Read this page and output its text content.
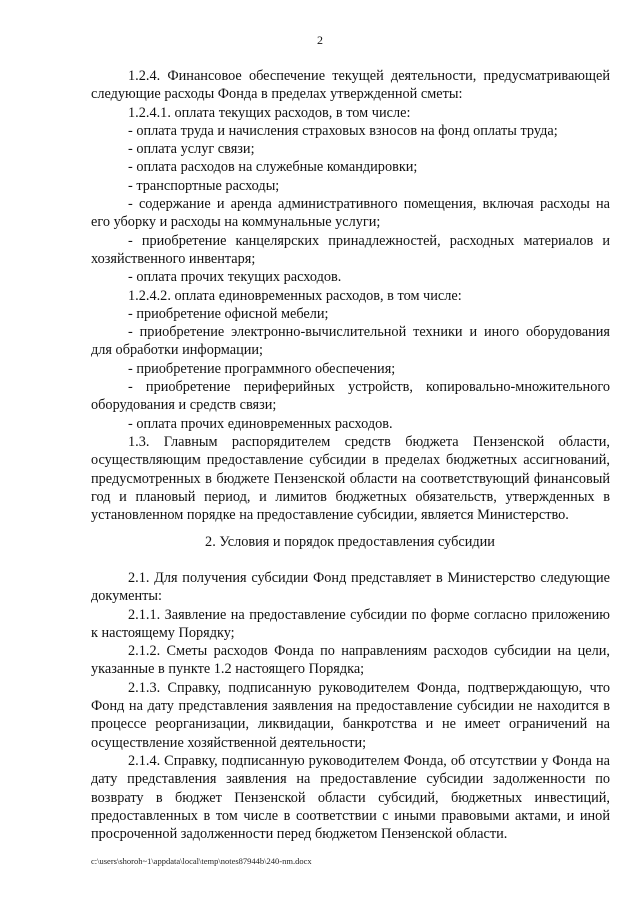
2

1.2.4. Финансовое обеспечение текущей деятельности, предусматривающей следующие расходы Фонда в пределах утвержденной сметы:

1.2.4.1. оплата текущих расходов, в том числе:

- оплата труда и начисления страховых взносов на фонд оплаты труда;

- оплата услуг связи;

- оплата расходов на служебные командировки;

- транспортные расходы;

- содержание и аренда административного помещения, включая расходы на его уборку и расходы на коммунальные услуги;

- приобретение канцелярских принадлежностей, расходных материалов и хозяйственного инвентаря;

- оплата прочих текущих расходов.

1.2.4.2. оплата единовременных расходов, в том числе:

- приобретение офисной мебели;

- приобретение электронно-вычислительной техники и иного оборудования для обработки информации;

- приобретение программного обеспечения;

- приобретение периферийных устройств, копировально-множительного оборудования и средств связи;

- оплата прочих единовременных расходов.

1.3. Главным распорядителем средств бюджета Пензенской области, осуществляющим предоставление субсидии в пределах бюджетных ассигнований, предусмотренных в бюджете Пензенской области на соответствующий финансовый год и плановый период, и лимитов бюджетных обязательств, утвержденных в установленном порядке на предоставление субсидии, является Министерство.

2. Условия и порядок предоставления субсидии

2.1. Для получения субсидии Фонд представляет в Министерство следующие документы:

2.1.1. Заявление на предоставление субсидии по форме согласно приложению к настоящему Порядку;

2.1.2. Сметы расходов Фонда по направлениям расходов субсидии на цели, указанные в пункте 1.2 настоящего Порядка;

2.1.3. Справку, подписанную руководителем Фонда, подтверждающую, что Фонд на дату представления заявления на предоставление субсидии не находится в процессе реорганизации, ликвидации, банкротства и не имеет ограничений на осуществление хозяйственной деятельности;

2.1.4. Справку, подписанную руководителем Фонда, об отсутствии у Фонда на дату представления заявления на предоставление субсидии задолженности по возврату в бюджет Пензенской области субсидий, бюджетных инвестиций, предоставленных в том числе в соответствии с иными правовыми актами, и иной просроченной задолженности перед бюджетом Пензенской области.

c:\users\shoroh~1\appdata\local\temp\notes87944b\240-nm.docx
